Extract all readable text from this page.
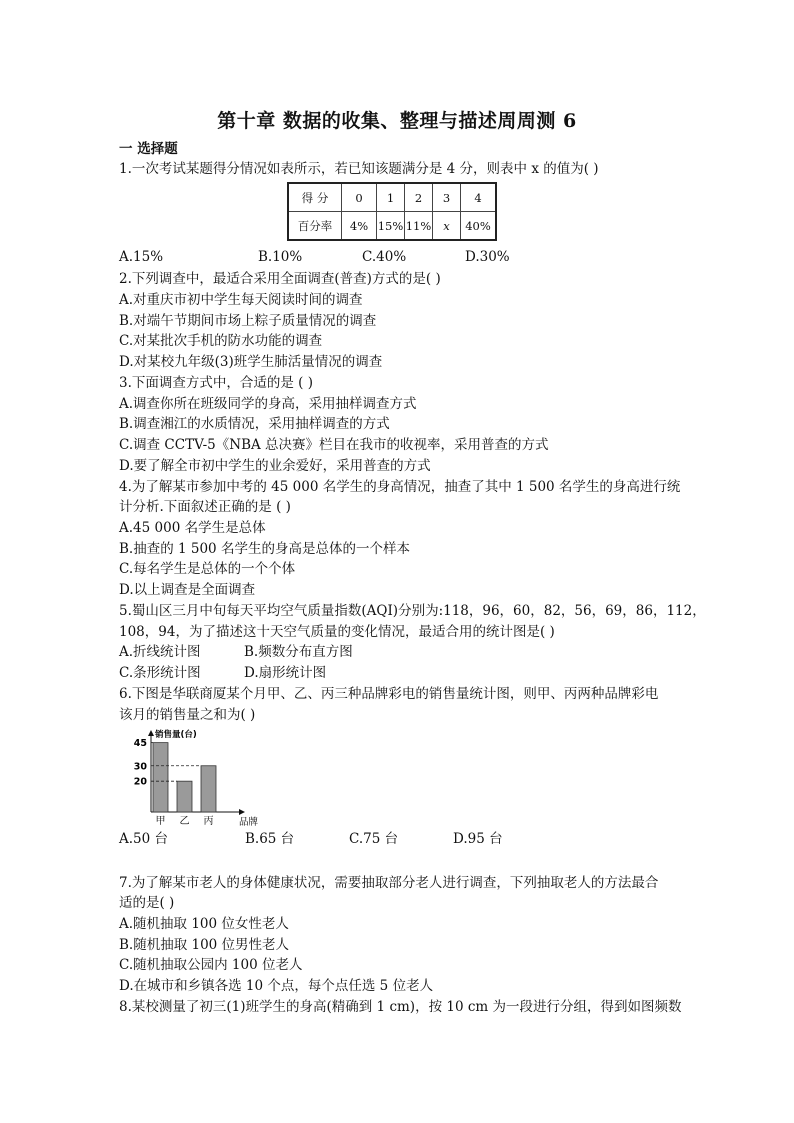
第十章 数据的收集、整理与描述周周测 6
一 选择题
1.一次考试某题得分情况如表所示，若已知该题满分是 4 分，则表中 x 的值为( )
得 分	0	1	2	3	4
百分率	4%	15%	11%	x	40%
A.15%	B.10%	C.40%	D.30%
2.下列调查中，最适合采用全面调查(普查)方式的是( )
A.对重庆市初中学生每天阅读时间的调查
B.对端午节期间市场上粽子质量情况的调查
C.对某批次手机的防水功能的调查
D.对某校九年级(3)班学生肺活量情况的调查
3.下面调查方式中，合适的是 ( )
A.调查你所在班级同学的身高，采用抽样调查方式
B.调查湘江的水质情况，采用抽样调查的方式
C.调查 CCTV-5《NBA 总决赛》栏目在我市的收视率，采用普查的方式
D.要了解全市初中学生的业余爱好，采用普查的方式
4.为了解某市参加中考的 45 000 名学生的身高情况，抽查了其中 1 500 名学生的身高进行统
计分析.下面叙述正确的是 ( )
A.45 000 名学生是总体
B.抽查的 1 500 名学生的身高是总体的一个样本
C.每名学生是总体的一个个体
D.以上调查是全面调查
5.蜀山区三月中旬每天平均空气质量指数(AQI)分别为:118，96，60，82，56，69，86，112，
108，94，为了描述这十天空气质量的变化情况，最适合用的统计图是( )
A.折线统计图	B.频数分布直方图
C.条形统计图	D.扇形统计图
6.下图是华联商厦某个月甲、乙、丙三种品牌彩电的销售量统计图，则甲、丙两种品牌彩电
该月的销售量之和为( )
销售量(台)
甲 乙 丙
20
30
45
品牌
A.50 台	B.65 台	C.75 台	D.95 台
7.为了解某市老人的身体健康状况，需要抽取部分老人进行调查，下列抽取老人的方法最合
适的是( )
A.随机抽取 100 位女性老人
B.随机抽取 100 位男性老人
C.随机抽取公园内 100 位老人
D.在城市和乡镇各选 10 个点，每个点任选 5 位老人
8.某校测量了初三(1)班学生的身高(精确到 1 cm)，按 10 cm 为一段进行分组，得到如图频数
